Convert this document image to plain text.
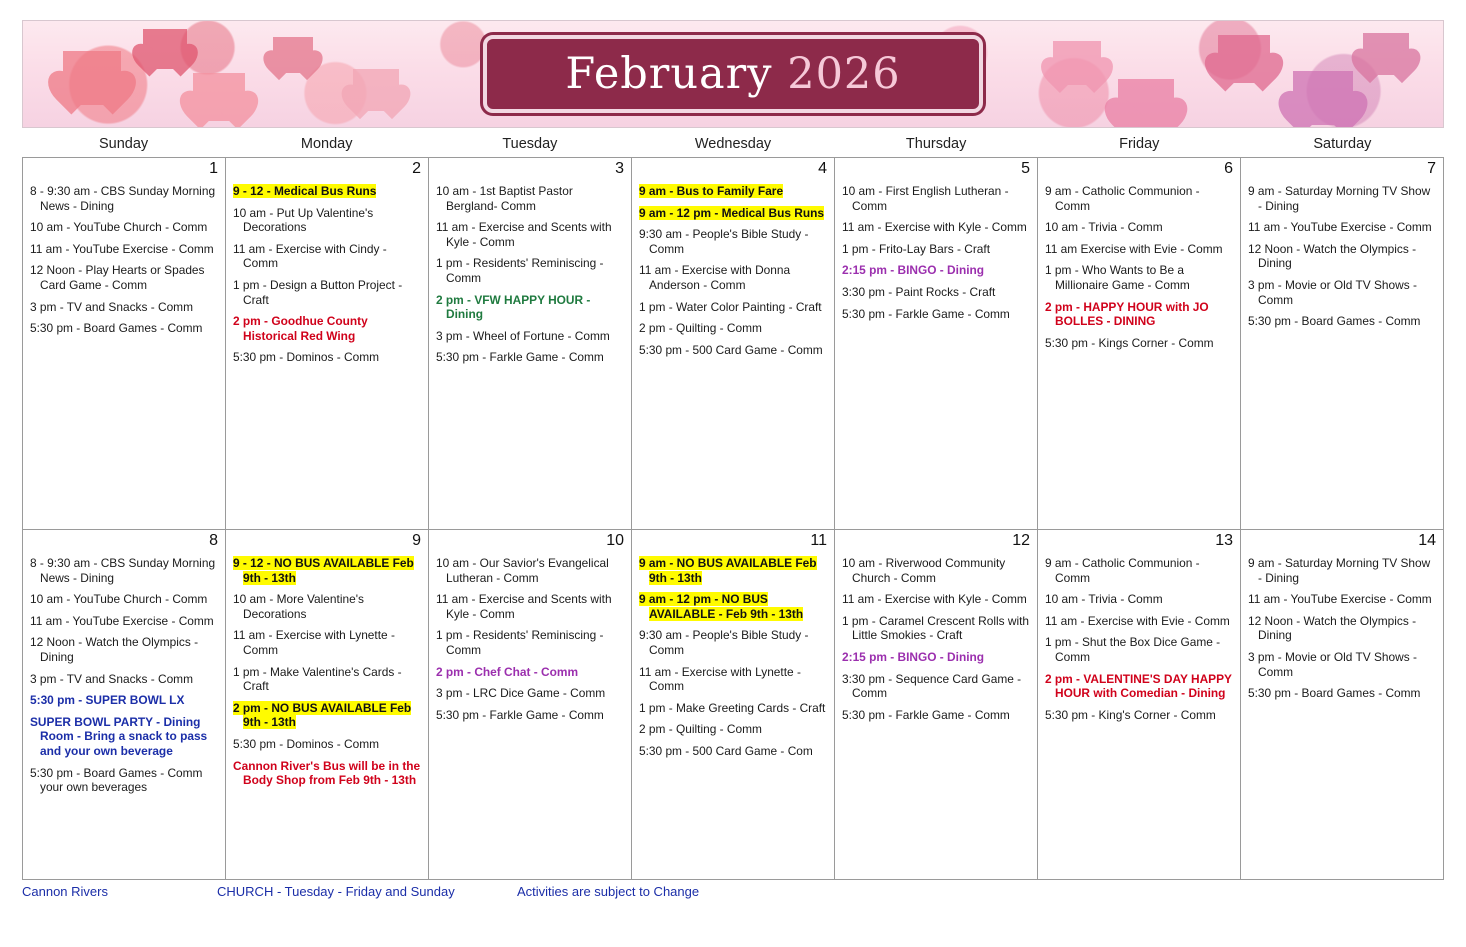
February 2026
Sunday	Monday	Tuesday	Wednesday	Thursday	Friday	Saturday
1
8 - 9:30 am - CBS Sunday Morning News - Dining
10 am - YouTube Church - Comm
11 am - YouTube Exercise - Comm
12 Noon - Play Hearts or Spades Card Game - Comm
3 pm - TV and Snacks - Comm
5:30 pm - Board Games - Comm
2
9 - 12 - Medical Bus Runs
10 am - Put Up Valentine's Decorations
11 am - Exercise with Cindy - Comm
1 pm - Design a Button Project - Craft
2 pm - Goodhue County Historical Red Wing
5:30 pm - Dominos - Comm
3
10 am - 1st Baptist Pastor Bergland- Comm
11 am - Exercise and Scents with Kyle - Comm
1 pm - Residents' Reminiscing - Comm
2 pm - VFW HAPPY HOUR - Dining
3 pm - Wheel of Fortune - Comm
5:30 pm - Farkle Game - Comm
4
9 am - Bus to Family Fare
9 am - 12 pm - Medical Bus Runs
9:30 am - People's Bible Study - Comm
11 am - Exercise with Donna Anderson - Comm
1 pm - Water Color Painting - Craft
2 pm - Quilting - Comm
5:30 pm - 500 Card Game - Comm
5
10 am - First English Lutheran - Comm
11 am - Exercise with Kyle - Comm
1 pm - Frito-Lay Bars - Craft
2:15 pm - BINGO - Dining
3:30 pm - Paint Rocks - Craft
5:30 pm - Farkle Game - Comm
6
9 am - Catholic Communion - Comm
10 am - Trivia - Comm
11 am Exercise with Evie - Comm
1 pm - Who Wants to Be a Millionaire Game - Comm
2 pm - HAPPY HOUR with JO BOLLES - DINING
5:30 pm - Kings Corner - Comm
7
9 am - Saturday Morning TV Show - Dining
11 am - YouTube Exercise - Comm
12 Noon - Watch the Olympics - Dining
3 pm - Movie or Old TV Shows - Comm
5:30 pm - Board Games - Comm
8
8 - 9:30 am - CBS Sunday Morning News - Dining
10 am - YouTube Church - Comm
11 am - YouTube Exercise - Comm
12 Noon - Watch the Olympics - Dining
3 pm - TV and Snacks - Comm
5:30 pm - SUPER BOWL LX
SUPER BOWL PARTY - Dining Room - Bring a snack to pass and your own beverage
5:30 pm - Board Games - Comm your own beverages
9
9 - 12 - NO BUS AVAILABLE Feb 9th - 13th
10 am - More Valentine's Decorations
11 am - Exercise with Lynette - Comm
1 pm - Make Valentine's Cards - Craft
2 pm - NO BUS AVAILABLE Feb 9th - 13th
5:30 pm - Dominos - Comm
Cannon River's Bus will be in the Body Shop from Feb 9th - 13th
10
10 am - Our Savior's Evangelical Lutheran - Comm
11 am - Exercise and Scents with Kyle - Comm
1 pm - Residents' Reminiscing - Comm
2 pm - Chef Chat - Comm
3 pm - LRC Dice Game - Comm
5:30 pm - Farkle Game - Comm
11
9 am - NO BUS AVAILABLE Feb 9th - 13th
9 am - 12 pm - NO BUS AVAILABLE - Feb 9th - 13th
9:30 am - People's Bible Study - Comm
11 am - Exercise with Lynette - Comm
1 pm - Make Greeting Cards - Craft
2 pm - Quilting - Comm
5:30 pm - 500 Card Game - Com
12
10 am - Riverwood Community Church - Comm
11 am - Exercise with Kyle - Comm
1 pm - Caramel Crescent Rolls with Little Smokies - Craft
2:15 pm - BINGO - Dining
3:30 pm - Sequence Card Game - Comm
5:30 pm - Farkle Game - Comm
13
9 am - Catholic Communion - Comm
10 am - Trivia - Comm
11 am - Exercise with Evie - Comm
1 pm - Shut the Box Dice Game - Comm
2 pm - VALENTINE'S DAY HAPPY HOUR with Comedian - Dining
5:30 pm - King's Corner - Comm
14
9 am - Saturday Morning TV Show - Dining
11 am - YouTube Exercise - Comm
12 Noon - Watch the Olympics - Dining
3 pm - Movie or Old TV Shows - Comm
5:30 pm - Board Games - Comm
Cannon Rivers	CHURCH - Tuesday - Friday and Sunday	Activities are subject to Change
